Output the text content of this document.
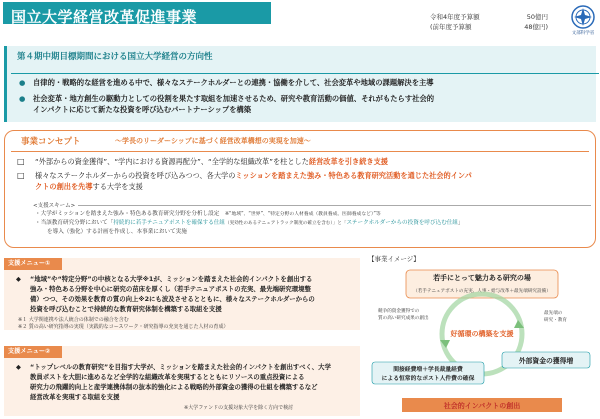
国立大学経営改革促進事業	令和4年度予算額	50億円
(前年度予算額	48億円)
文部科学省
第４期中期目標期間における国立大学経営の方向性
● 自律的・戦略的な経営を進める中で、様々なステークホルダーとの連携・協働を介して、社会変革や地域の課題解決を主導
● 社会変革・地方創生の駆動力としての役割を果たす取組を加速させるため、研究や教育活動の価値、それがもたらす社会的
インパクトに応じて新たな投資を呼び込むパートナーシップを構築
事業コンセプト	～学長のリーダーシップに基づく経営改革構想の実現を加速～
□ “外部からの資金獲得”、“学内における資源再配分”、“全学的な組織改革”を柱とした経営改革を引き続き支援
□ 様々なステークホルダーからの投資を呼び込みつつ、各大学のミッションを踏まえた強み・特色ある教育研究活動を通じた社会的インパ
クトの創出を先導する大学を支援
<支援スキーム>
・大学がミッションを踏まえた強み・特色ある教育研究分野を分析し設定　 ※“地域”、“世界”、“特定分野の人材養成（教員養成、医師養成など）”等
・当該教育研究分野において「持続的に若手テニュアポストを確保する仕組（実効性のあるテニュアトラック制度の確立を含む）」と「ステークホルダーからの投資を呼び込む仕組」
を導入（強化）する計画を作成し、本事業において実施
支援メニュー①
◆ “地域”や“特定分野”の中核となる大学※1が、ミッションを踏まえた社会的インパクトを創出する
強み・特色ある分野を中心に研究の苗床を厚くし（若手テニュアポストの充実、最先端研究環境整
備）つつ、その効果を教育の質の向上※2にも波及させるとともに、様々なステークホルダーからの
投資を呼び込むことで持続的な教育研究体制を構築する取組を支援
※１ 大学関連携や法人統合の体制での融合を含む
※２ 質の高い研究指導の実現（実践的なコースワーク・研究指導の充実を通じた人材の育成）
支援メニュー②
◆ “トップレベルの教育研究”を目指す大学が、ミッションを踏まえた社会的インパクトを創出すべく、大学
教員ポストを大胆に進めるなど全学的な組織改革を実現するとともにリソースの重点投資による
研究力の飛躍的向上と産学連携体制の抜本的強化による戦略的外部資金の獲得の仕組を構築するなど
経営改革を実現する取組を支援
※大学ファンドの支援対象大学を除く方向で検討
【事業イメージ】
若手にとって魅力ある研究の場
（若手テニュアポストの充実、人事・給与改革＋最先端研究設備）
競争的資金獲得での
質の高い研究成果の創出
最先端の
研究・教育
好循環の構築を支援
外部資金の獲得増
間接経費増＋学長裁量経費
による恒常的なポスト人件費の確保
社会的インパクトの創出
